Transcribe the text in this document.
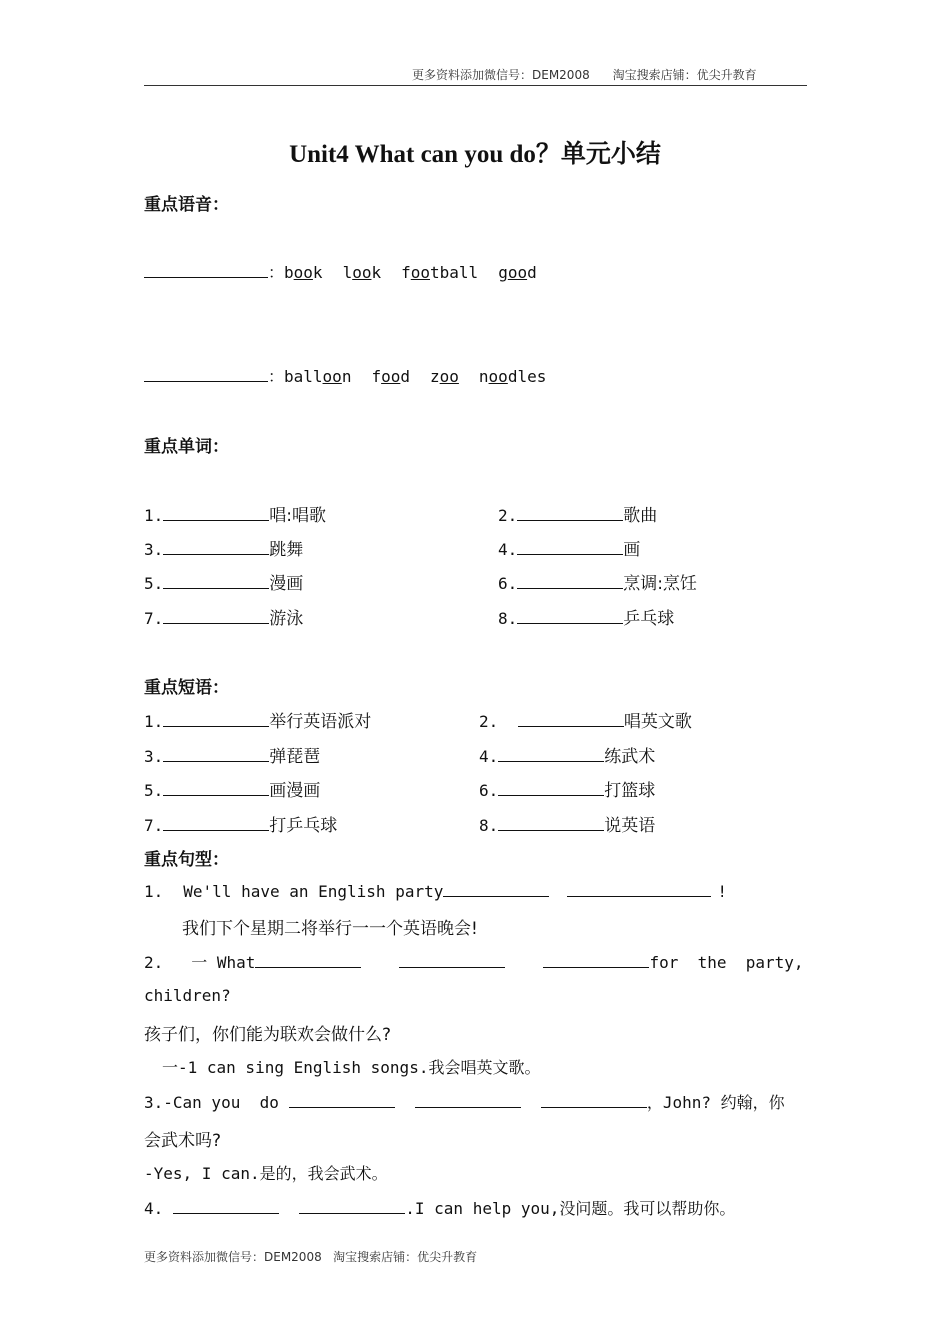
更多资料添加微信号：DEM2008      淘宝搜索店铺：优尖升教育
Unit4 What can you do？单元小结
重点语音：
： book look football good
： balloon food zoo noodles
重点单词：
1.	唱:唱歌	2.	歌曲
3.	跳舞	4.	画
5.	漫画	6.	烹调:烹饪
7.	游泳	8.	乒乓球
重点短语：
1.	举行英语派对	2.	唱英文歌
3.	弹琵琶	4.	练武术
5.	画漫画	6.	打篮球
7.	打乒乓球	8.	说英语
重点句型：
1. We'll have an English party	!
我们下个星期二将举行一一个英语晚会!
2. 一 What	for  the  party,
children?
孩子们，你们能为联欢会做什么?
一-1 can sing English songs.我会唱英文歌。
3.-Can you  do	，John? 约翰，你
会武术吗?
-Yes, I can.是的，我会武术。
4.	.I can help you,没问题。我可以帮助你。
更多资料添加微信号：DEM2008   淘宝搜索店铺：优尖升教育
